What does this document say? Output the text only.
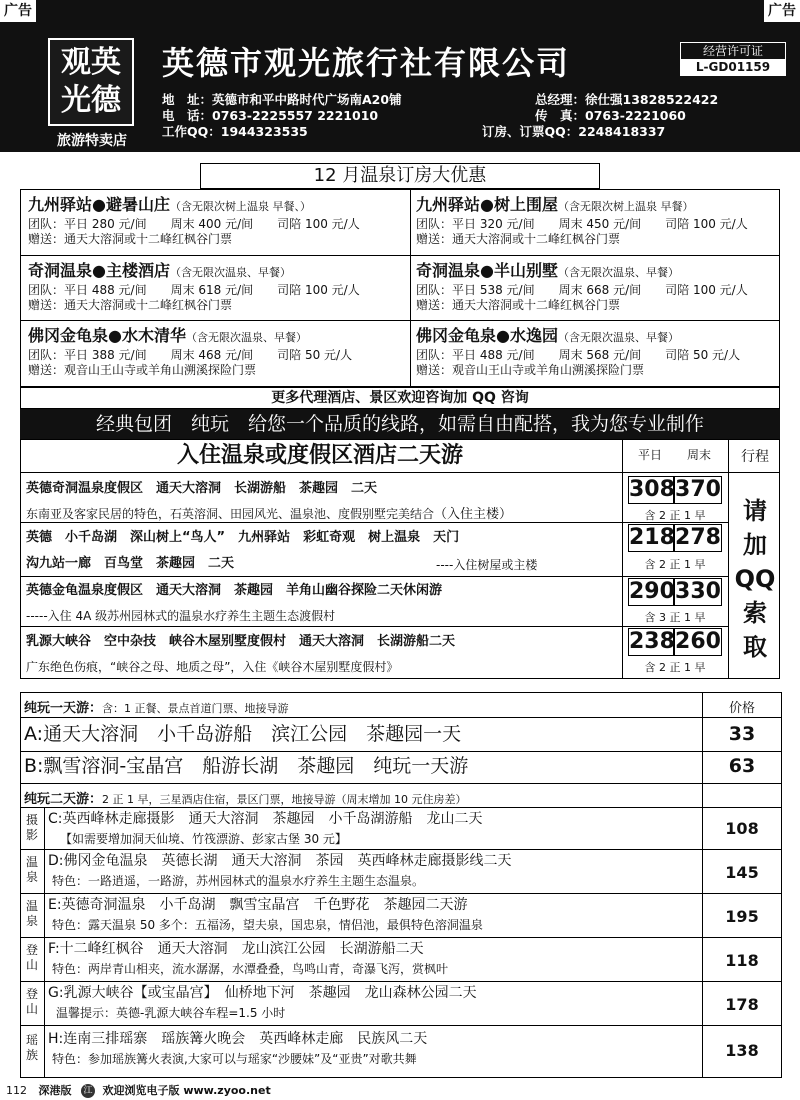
广告	广告
观英光德
旅游特卖店
英德市观光旅行社有限公司	经营许可证
L-GD01159
地　址：英德市和平中路时代广场南A20铺
电　话：0763-2225557 2221010
工作QQ：1944323535
总经理：徐仕强13828522422
传　真：0763-2221060
订房、订票QQ：2248418337
12 月温泉订房大优惠
九州驿站●避暑山庄（含无限次树上温泉 早餐、）
团队：平日 280 元/间　　周末 400 元/间　　司陪 100 元/人
赠送：通天大溶洞或十二峰红枫谷门票
九州驿站●树上围屋（含无限次树上温泉 早餐）
团队：平日 320 元/间　　周末 450 元/间　　司陪 100 元/人
赠送：通天大溶洞或十二峰红枫谷门票
奇洞温泉●主楼酒店（含无限次温泉、早餐）
团队：平日 488 元/间　　周末 618 元/间　　司陪 100 元/人
赠送：通天大溶洞或十二峰红枫谷门票
奇洞温泉●半山别墅（含无限次温泉、早餐）
团队：平日 538 元/间　　周末 668 元/间　　司陪 100 元/人
赠送：通天大溶洞或十二峰红枫谷门票
佛冈金龟泉●水木清华（含无限次温泉、早餐）
团队：平日 388 元/间　　周末 468 元/间　　司陪 50 元/人
赠送：观音山王山寺或羊角山溯溪探险门票
佛冈金龟泉●水逸园（含无限次温泉、早餐）
团队：平日 488 元/间　　周末 568 元/间　　司陪 50 元/人
赠送：观音山王山寺或羊角山溯溪探险门票
更多代理酒店、景区欢迎咨询加 QQ 咨询
经典包团　纯玩　给您一个品质的线路，如需自由配搭，我为您专业制作
入住温泉或度假区酒店二天游	平日	周末	行程
请
加
QQ
索
取
英德奇洞温泉度假区　通天大溶洞　长湖游船　茶趣园　二天
东南亚及客家民居的特色，石英溶洞、田园风光、温泉池、度假别墅完美结合（入住主楼）
308 370
含 2 正 1 早
英德　小千岛湖　深山树上“鸟人”　九州驿站　彩虹奇观　树上温泉　天门
沟九站一廊　百鸟堂　茶趣园　二天	----入住树屋或主楼
218 278
含 2 正 1 早
英德金龟温泉度假区　通天大溶洞　茶趣园　羊角山幽谷探险二天休闲游
-----入住 4A 级苏州园林式的温泉水疗养生主题生态渡假村
290 330
含 3 正 1 早
乳源大峡谷　空中杂技　峡谷木屋别墅度假村　通天大溶洞　长湖游船二天
广东绝色伤痕，“峡谷之母、地质之母”，入住《峡谷木屋别墅度假村》
238 260
含 2 正 1 早
纯玩一天游：含：1 正餐、景点首道门票、地接导游	价格
A:通天大溶洞　小千岛游船　滨江公园　茶趣园一天	33
B:飘雪溶洞-宝晶宫　船游长湖　茶趣园　纯玩一天游	63
纯玩二天游：2 正 1 早，三星酒店住宿，景区门票，地接导游（周末增加 10 元住房差）
摄
影
C:英西峰林走廊摄影　通天大溶洞　茶趣园　小千岛湖游船　龙山二天
【如需要增加洞天仙境、竹筏漂游、彭家古堡 30 元】
108
温
泉
D:佛冈金龟温泉　英德长湖　通天大溶洞　茶园　英西峰林走廊摄影线二天
特色：一路逍遥，一路游，苏州园林式的温泉水疗养生主题生态温泉。	145
温
泉
E:英德奇洞温泉　小千岛湖　飘雪宝晶宫　千色野花　茶趣园二天游
特色：露天温泉 50 多个：五福汤，望夫泉，国忠泉，情侣池，最俱特色溶洞温泉	195
登
山
F:十二峰红枫谷　通天大溶洞　龙山滨江公园　长湖游船二天
特色：两岸青山相夹，流水潺潺，水潭叠叠，鸟鸣山青，奇瀑飞泻，赏枫叶	118
登
山
G:乳源大峡谷【或宝晶宫】　仙桥地下河　茶趣园　龙山森林公园二天
温馨提示：英德-乳源大峡谷车程=1.5 小时	178
瑶
族
H:连南三排瑶寨　瑶族篝火晚会　英西峰林走廊　民族风二天
特色：参加瑶族篝火表演,大家可以与瑶家“沙腰妹”及“亚贵”对歌共舞	138
112 深港版 江 欢迎浏览电子版 www.zyoo.net
